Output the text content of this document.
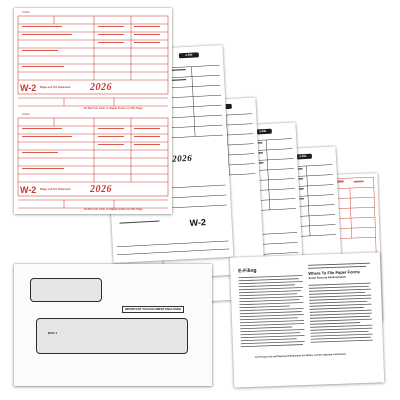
e-file
e-file
e-file
2026
W-2
E-Filing	Where To File Paper Forms
Social Security Administration
For Privacy Act and Paperwork Reduction Act Notice, see the separate instructions.
22222
W-2 Wage and Tax Statement 2026
Do Not Cut, Fold, or Staple Forms on This Page
22222
W-2 Wage and Tax Statement 2026
Do Not Cut, Fold, or Staple Forms on This Page
IMPORTANT TAX DOCUMENT ENCLOSED
BOX 1
